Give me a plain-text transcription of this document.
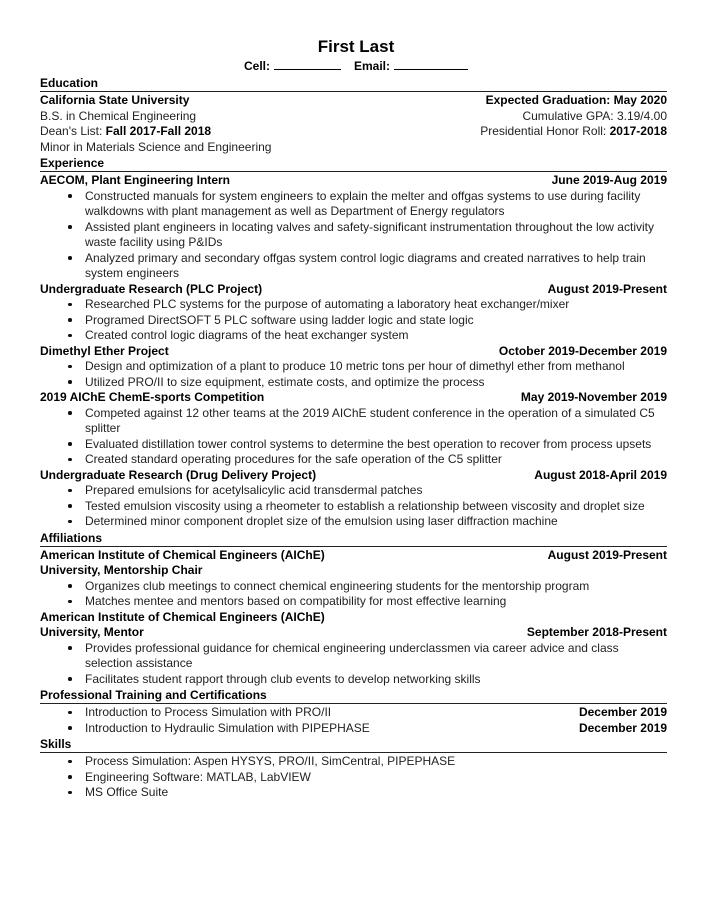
First Last
Cell:	Email:
Education
California State University	Expected Graduation: May 2020
B.S. in Chemical Engineering	Cumulative GPA: 3.19/4.00
Dean's List: Fall 2017-Fall 2018	Presidential Honor Roll: 2017-2018
Minor in Materials Science and Engineering
Experience
AECOM, Plant Engineering Intern	June 2019-Aug 2019
Constructed manuals for system engineers to explain the melter and offgas systems to use during facility walkdowns with plant management as well as Department of Energy regulators
Assisted plant engineers in locating valves and safety-significant instrumentation throughout the low activity waste facility using P&IDs
Analyzed primary and secondary offgas system control logic diagrams and created narratives to help train system engineers
Undergraduate Research (PLC Project)	August 2019-Present
Researched PLC systems for the purpose of automating a laboratory heat exchanger/mixer
Programed DirectSOFT 5 PLC software using ladder logic and state logic
Created control logic diagrams of the heat exchanger system
Dimethyl Ether Project	October 2019-December 2019
Design and optimization of a plant to produce 10 metric tons per hour of dimethyl ether from methanol
Utilized PRO/II to size equipment, estimate costs, and optimize the process
2019 AIChE ChemE-sports Competition	May 2019-November 2019
Competed against 12 other teams at the 2019 AIChE student conference in the operation of a simulated C5 splitter
Evaluated distillation tower control systems to determine the best operation to recover from process upsets
Created standard operating procedures for the safe operation of the C5 splitter
Undergraduate Research (Drug Delivery Project)	August 2018-April 2019
Prepared emulsions for acetylsalicylic acid transdermal patches
Tested emulsion viscosity using a rheometer to establish a relationship between viscosity and droplet size
Determined minor component droplet size of the emulsion using laser diffraction machine
Affiliations
American Institute of Chemical Engineers (AIChE)	August 2019-Present
University, Mentorship Chair
Organizes club meetings to connect chemical engineering students for the mentorship program
Matches mentee and mentors based on compatibility for most effective learning
American Institute of Chemical Engineers (AIChE)
University, Mentor	September 2018-Present
Provides professional guidance for chemical engineering underclassmen via career advice and class selection assistance
Facilitates student rapport through club events to develop networking skills
Professional Training and Certifications
Introduction to Process Simulation with PRO/II	December 2019
Introduction to Hydraulic Simulation with PIPEPHASE	December 2019
Skills
Process Simulation: Aspen HYSYS, PRO/II, SimCentral, PIPEPHASE
Engineering Software: MATLAB, LabVIEW
MS Office Suite
